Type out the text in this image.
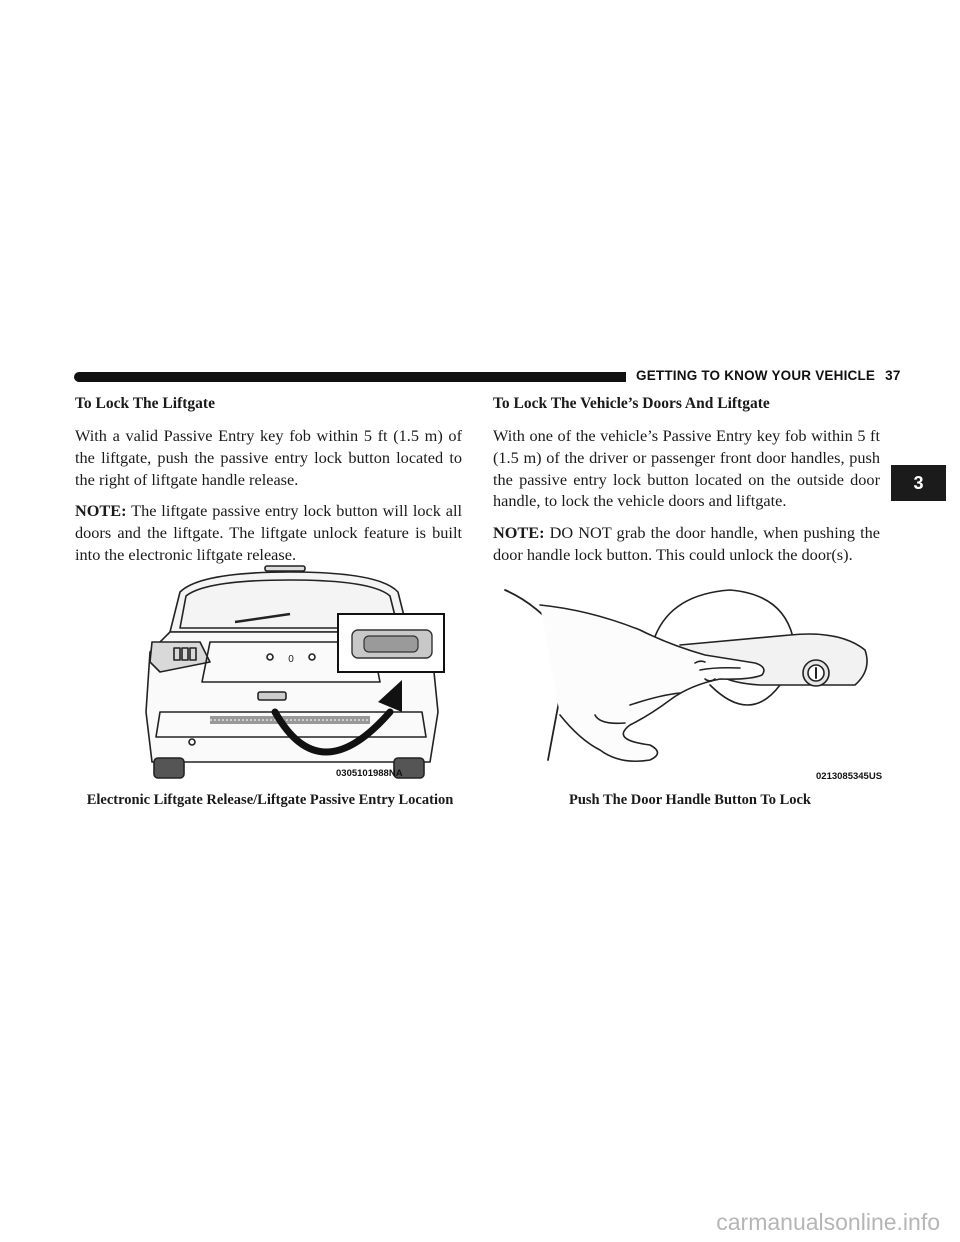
GETTING TO KNOW YOUR VEHICLE 37
3

To Lock The Liftgate

With a valid Passive Entry key fob within 5 ft (1.5 m) of the liftgate, push the passive entry lock button located to the right of liftgate handle release.

NOTE: The liftgate passive entry lock button will lock all doors and the liftgate. The liftgate unlock feature is built into the electronic liftgate release.

To Lock The Vehicle’s Doors And Liftgate

With one of the vehicle’s Passive Entry key fob within 5 ft (1.5 m) of the driver or passenger front door handles, push the passive entry lock button located on the outside door handle, to lock the vehicle doors and liftgate.

NOTE: DO NOT grab the door handle, when pushing the door handle lock button. This could unlock the door(s).

0
0305101988NA	0213085345US
Electronic Liftgate Release/Liftgate Passive Entry Location	Push The Door Handle Button To Lock
carmanualsonline.info
